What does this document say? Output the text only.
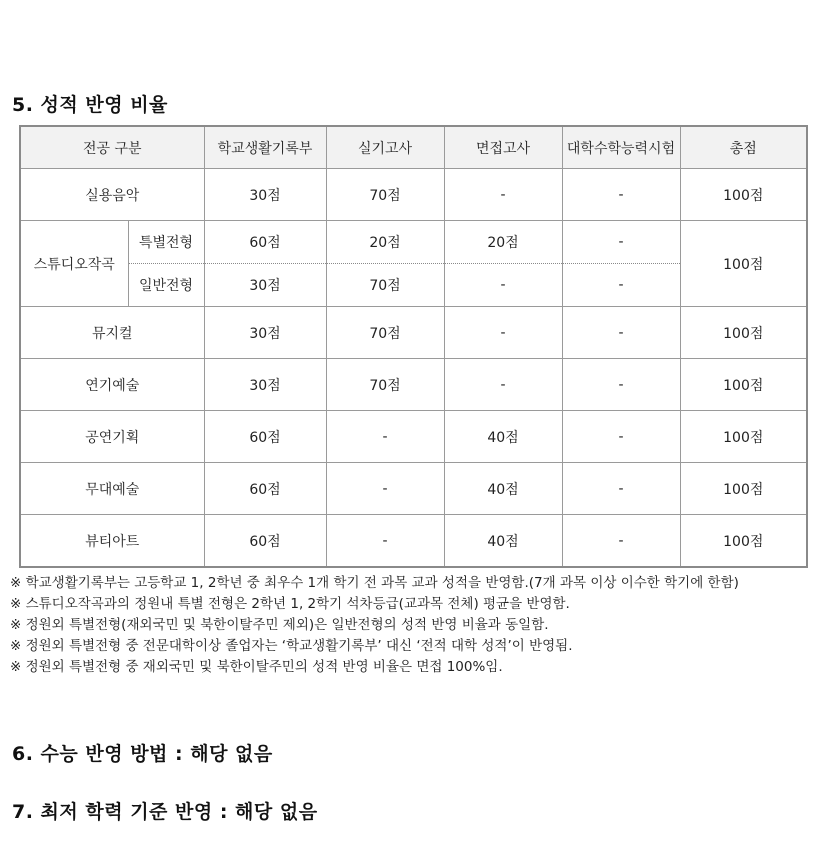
5. 성적 반영 비율
전공 구분		학교생활기록부	실기고사	면접고사	대학수학능력시험	총점
실용음악		30점	70점	-	-	100점
스튜디오작곡	특별전형	60점	20점	20점	-	100점
	일반전형	30점	70점	-	-	
뮤지컬		30점	70점	-	-	100점
연기예술		30점	70점	-	-	100점
공연기획		60점	-	40점	-	100점
무대예술		60점	-	40점	-	100점
뷰티아트		60점	-	40점	-	100점
※ 학교생활기록부는 고등학교 1, 2학년 중 최우수 1개 학기 전 과목 교과 성적을 반영함.(7개 과목 이상 이수한 학기에 한함)
※ 스튜디오작곡과의 정원내 특별 전형은 2학년 1, 2학기 석차등급(교과목 전체) 평균을 반영함.
※ 정원외 특별전형(재외국민 및 북한이탈주민 제외)은 일반전형의 성적 반영 비율과 동일함.
※ 정원외 특별전형 중 전문대학이상 졸업자는 ‘학교생활기록부’ 대신 ‘전적 대학 성적’이 반영됨.
※ 정원외 특별전형 중 재외국민 및 북한이탈주민의 성적 반영 비율은 면접 100%임.
6. 수능 반영 방법 : 해당 없음
7. 최저 학력 기준 반영 : 해당 없음
